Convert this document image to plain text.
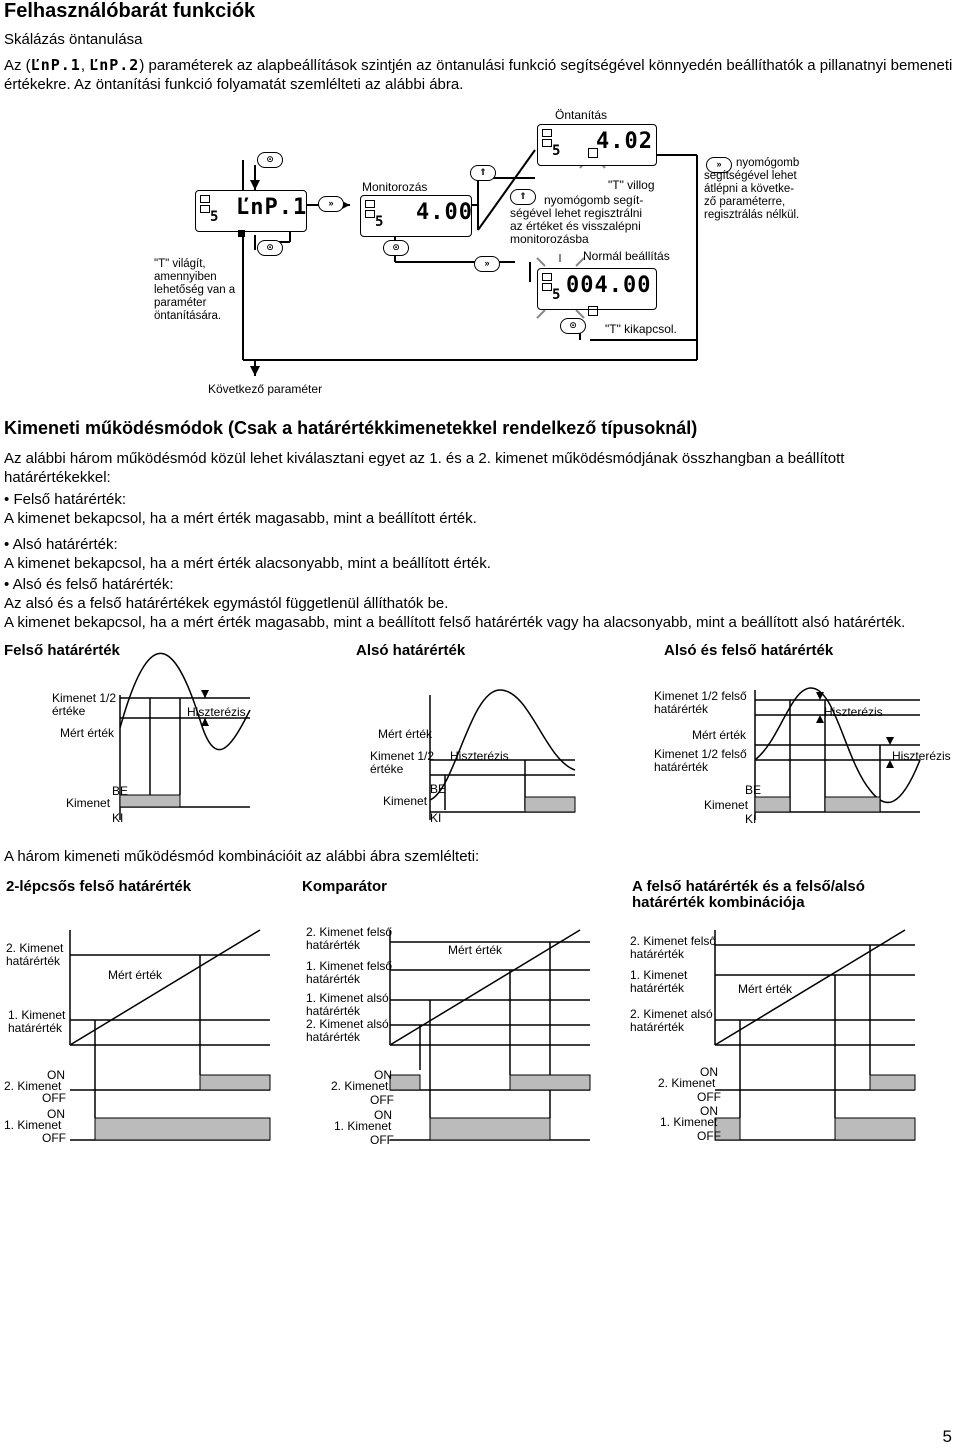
Felhasználóbarát funkciók
Skálázás öntanulása
Az (ĽnP.1, ĽnP.2) paraméterek az alapbeállítások szintjén az öntanulási funkció segítségével könnyedén beállíthatók a pillanatnyi bemeneti
értékekre. Az öntanítási funkció folyamatát szemlélteti az alábbi ábra.
5 ĽnP.1
⊙
⊙
Monitorozás
5 4.00
»
⊙
⇑
»
Öntanítás
5 4.02
"T" villog
⇑	nyomógomb segít-
ségével lehet regisztrálni
az értéket és visszalépni
monitorozásba
Normál beállítás
5 004.00
⊙	"T" kikapcsol.
"T" világít,
amennyiben
lehetőség van a
paraméter
öntanítására.
»	nyomógomb
segítségével lehet
átlépni a követke-
ző paraméterre,
regisztrálás nélkül.
Következő paraméter
Kimeneti működésmódok (Csak a határértékkimenetekkel rendelkező típusoknál)
Az alábbi három működésmód közül lehet kiválasztani egyet az 1. és a 2. kimenet működésmódjának összhangban a beállított
határértékekkel:
• Felső határérték:
A kimenet bekapcsol, ha a mért érték magasabb, mint a beállított érték.
• Alsó határérték:
A kimenet bekapcsol, ha a mért érték alacsonyabb, mint a beállított érték.
• Alsó és felső határérték:
Az alsó és a felső határértékek egymástól függetlenül állíthatók be.
A kimenet bekapcsol, ha a mért érték magasabb, mint a beállított felső határérték vagy ha alacsonyabb, mint a beállított alsó határérték.
Felső határérték	Alsó határérték	Alsó és felső határérték
Kimenet 1/2
értéke	Hiszterézis
Mért érték
BE
Kimenet
KI
Mért érték
Kimenet 1/2
értéke
Hiszterézis
BE
Kimenet
KI
Kimenet 1/2 felső
határérték	Hiszterézis
Mért érték
Kimenet 1/2 felső
határérték
Hiszterézis
BE
Kimenet
KI
A három kimeneti működésmód kombinációit az alábbi ábra szemlélteti:
2-lépcsős felső határérték	Komparátor	A felső határérték és a felső/alsó
határérték kombinációja
2. Kimenet
határérték
Mért érték
1. Kimenet
határérték
ON
2. Kimenet
OFF
ON
1. Kimenet
OFF
2. Kimenet felső
határérték	Mért érték
1. Kimenet felső
határérték
1. Kimenet alsó
határérték
2. Kimenet alsó
határérték
ON
2. Kimenet
OFF
ON
1. Kimenet
OFF
2. Kimenet felső
határérték
1. Kimenet
határérték	Mért érték
2. Kimenet alsó
határérték
ON
2. Kimenet
OFF
ON
1. Kimenet
OFF
5
